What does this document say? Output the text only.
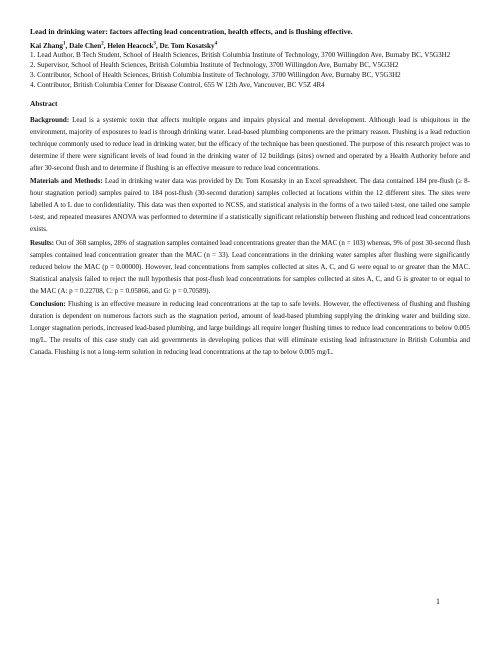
Lead in drinking water: factors affecting lead concentration, health effects, and is flushing effective.

Kai Zhang$^1$, Dale Chen$^2$, Helen Heacock$^3$, Dr. Tom Kosatsky$^4$

1. Lead Author, B Tech Student, School of Health Sciences, British Columbia Institute of Technology, 3700 Willingdon Ave, Burnaby BC, V5G3H2

2. Supervisor, School of Health Sciences, British Columbia Institute of Technology, 3700 Willingdon Ave, Burnaby BC, V5G3H2

3. Contributor, School of Health Sciences, British Columbia Institute of Technology, 3700 Willingdon Ave, Burnaby BC, V5G3H2

4. Contributor, British Columbia Center for Disease Control, 655 W 12th Ave, Vancouver, BC V5Z 4R4

Abstract

Background: Lead is a systemic toxin that affects multiple organs and impairs physical and mental development. Although lead is ubiquitous in the environment, majority of exposures to lead is through drinking water. Lead-based plumbing components are the primary reason. Flushing is a lead reduction technique commonly used to reduce lead in drinking water, but the efficacy of the technique has been questioned. The purpose of this research project was to determine if there were significant levels of lead found in the drinking water of 12 buildings (sites) owned and operated by a Health Authority before and after 30-second flush and to determine if flushing is an effective measure to reduce lead concentrations.

Materials and Methods: Lead in drinking water data was provided by Dr. Tom Kosatsky in an Excel spreadsheet. The data contained 184 pre-flush (≥ 8-hour stagnation period) samples paired to 184 post-flush (30-second duration) samples collected at locations within the 12 different sites. The sites were labelled A to L due to confidentiality. This data was then exported to NCSS, and statistical analysis in the forms of a two tailed t-test, one tailed one sample t-test, and repeated measures ANOVA was performed to determine if a statistically significant relationship between flushing and reduced lead concentrations exists.

Results: Out of 368 samples, 28% of stagnation samples contained lead concentrations greater than the MAC (n = 103) whereas, 9% of post 30-second flush samples contained lead concentration greater than the MAC (n = 33). Lead concentrations in the drinking water samples after flushing were significantly reduced below the MAC (p = 0.00000). However, lead concentrations from samples collected at sites A, C, and G were equal to or greater than the MAC. Statistical analysis failed to reject the null hypothesis that post-flush lead concentrations for samples collected at sites A, C, and G is greater to or equal to the MAC (A: p = 0.22708, C: p = 0.05866, and G: p = 0.70589).

Conclusion: Flushing is an effective measure in reducing lead concentrations at the tap to safe levels. However, the effectiveness of flushing and flushing duration is dependent on numerous factors such as the stagnation period, amount of lead-based plumbing supplying the drinking water and building size. Longer stagnation periods, increased lead-based plumbing, and large buildings all require longer flushing times to reduce lead concentrations to below 0.005 mg/L. The results of this case study can aid governments in developing polices that will eliminate existing lead infrastructure in British Columbia and Canada. Flushing is not a long-term solution in reducing lead concentrations at the tap to below 0.005 mg/L.

1
